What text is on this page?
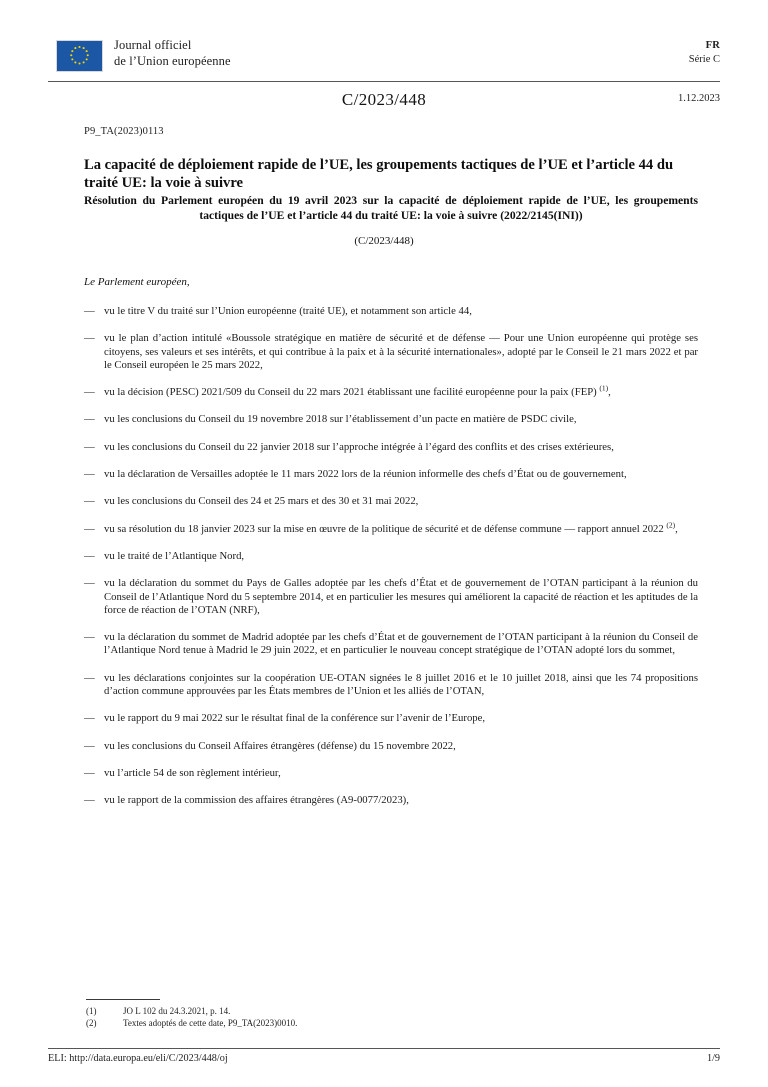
Journal officiel
de l’Union européenne
FR
Série C
C/2023/448	1.12.2023
P9_TA(2023)0113
La capacité de déploiement rapide de l’UE, les groupements tactiques de l’UE et l’article 44 du traité UE: la voie à suivre
Résolution du Parlement européen du 19 avril 2023 sur la capacité de déploiement rapide de l’UE, les groupements tactiques de l’UE et l’article 44 du traité UE: la voie à suivre (2022/2145(INI))
(C/2023/448)
Le Parlement européen,
— vu le titre V du traité sur l’Union européenne (traité UE), et notamment son article 44,
— vu le plan d’action intitulé «Boussole stratégique en matière de sécurité et de défense — Pour une Union européenne qui protège ses citoyens, ses valeurs et ses intérêts, et qui contribue à la paix et à la sécurité internationales», adopté par le Conseil le 21 mars 2022 et par le Conseil européen le 25 mars 2022,
— vu la décision (PESC) 2021/509 du Conseil du 22 mars 2021 établissant une facilité européenne pour la paix (FEP) $^{(1)}$,
— vu les conclusions du Conseil du 19 novembre 2018 sur l’établissement d’un pacte en matière de PSDC civile,
— vu les conclusions du Conseil du 22 janvier 2018 sur l’approche intégrée à l’égard des conflits et des crises extérieures,
— vu la déclaration de Versailles adoptée le 11 mars 2022 lors de la réunion informelle des chefs d’État ou de gouvernement,
— vu les conclusions du Conseil des 24 et 25 mars et des 30 et 31 mai 2022,
— vu sa résolution du 18 janvier 2023 sur la mise en œuvre de la politique de sécurité et de défense commune — rapport annuel 2022 $^{(2)}$,
— vu le traité de l’Atlantique Nord,
— vu la déclaration du sommet du Pays de Galles adoptée par les chefs d’État et de gouvernement de l’OTAN participant à la réunion du Conseil de l’Atlantique Nord du 5 septembre 2014, et en particulier les mesures qui améliorent la capacité de réaction et les aptitudes de la force de réaction de l’OTAN (NRF),
— vu la déclaration du sommet de Madrid adoptée par les chefs d’État et de gouvernement de l’OTAN participant à la réunion du Conseil de l’Atlantique Nord tenue à Madrid le 29 juin 2022, et en particulier le nouveau concept stratégique de l’OTAN adopté lors du sommet,
— vu les déclarations conjointes sur la coopération UE-OTAN signées le 8 juillet 2016 et le 10 juillet 2018, ainsi que les 74 propositions d’action commune approuvées par les États membres de l’Union et les alliés de l’OTAN,
— vu le rapport du 9 mai 2022 sur le résultat final de la conférence sur l’avenir de l’Europe,
— vu les conclusions du Conseil Affaires étrangères (défense) du 15 novembre 2022,
— vu l’article 54 de son règlement intérieur,
— vu le rapport de la commission des affaires étrangères (A9-0077/2023),
(1)	JO L 102 du 24.3.2021, p. 14.
(2)	Textes adoptés de cette date, P9_TA(2023)0010.
ELI: http://data.europa.eu/eli/C/2023/448/oj	1/9
